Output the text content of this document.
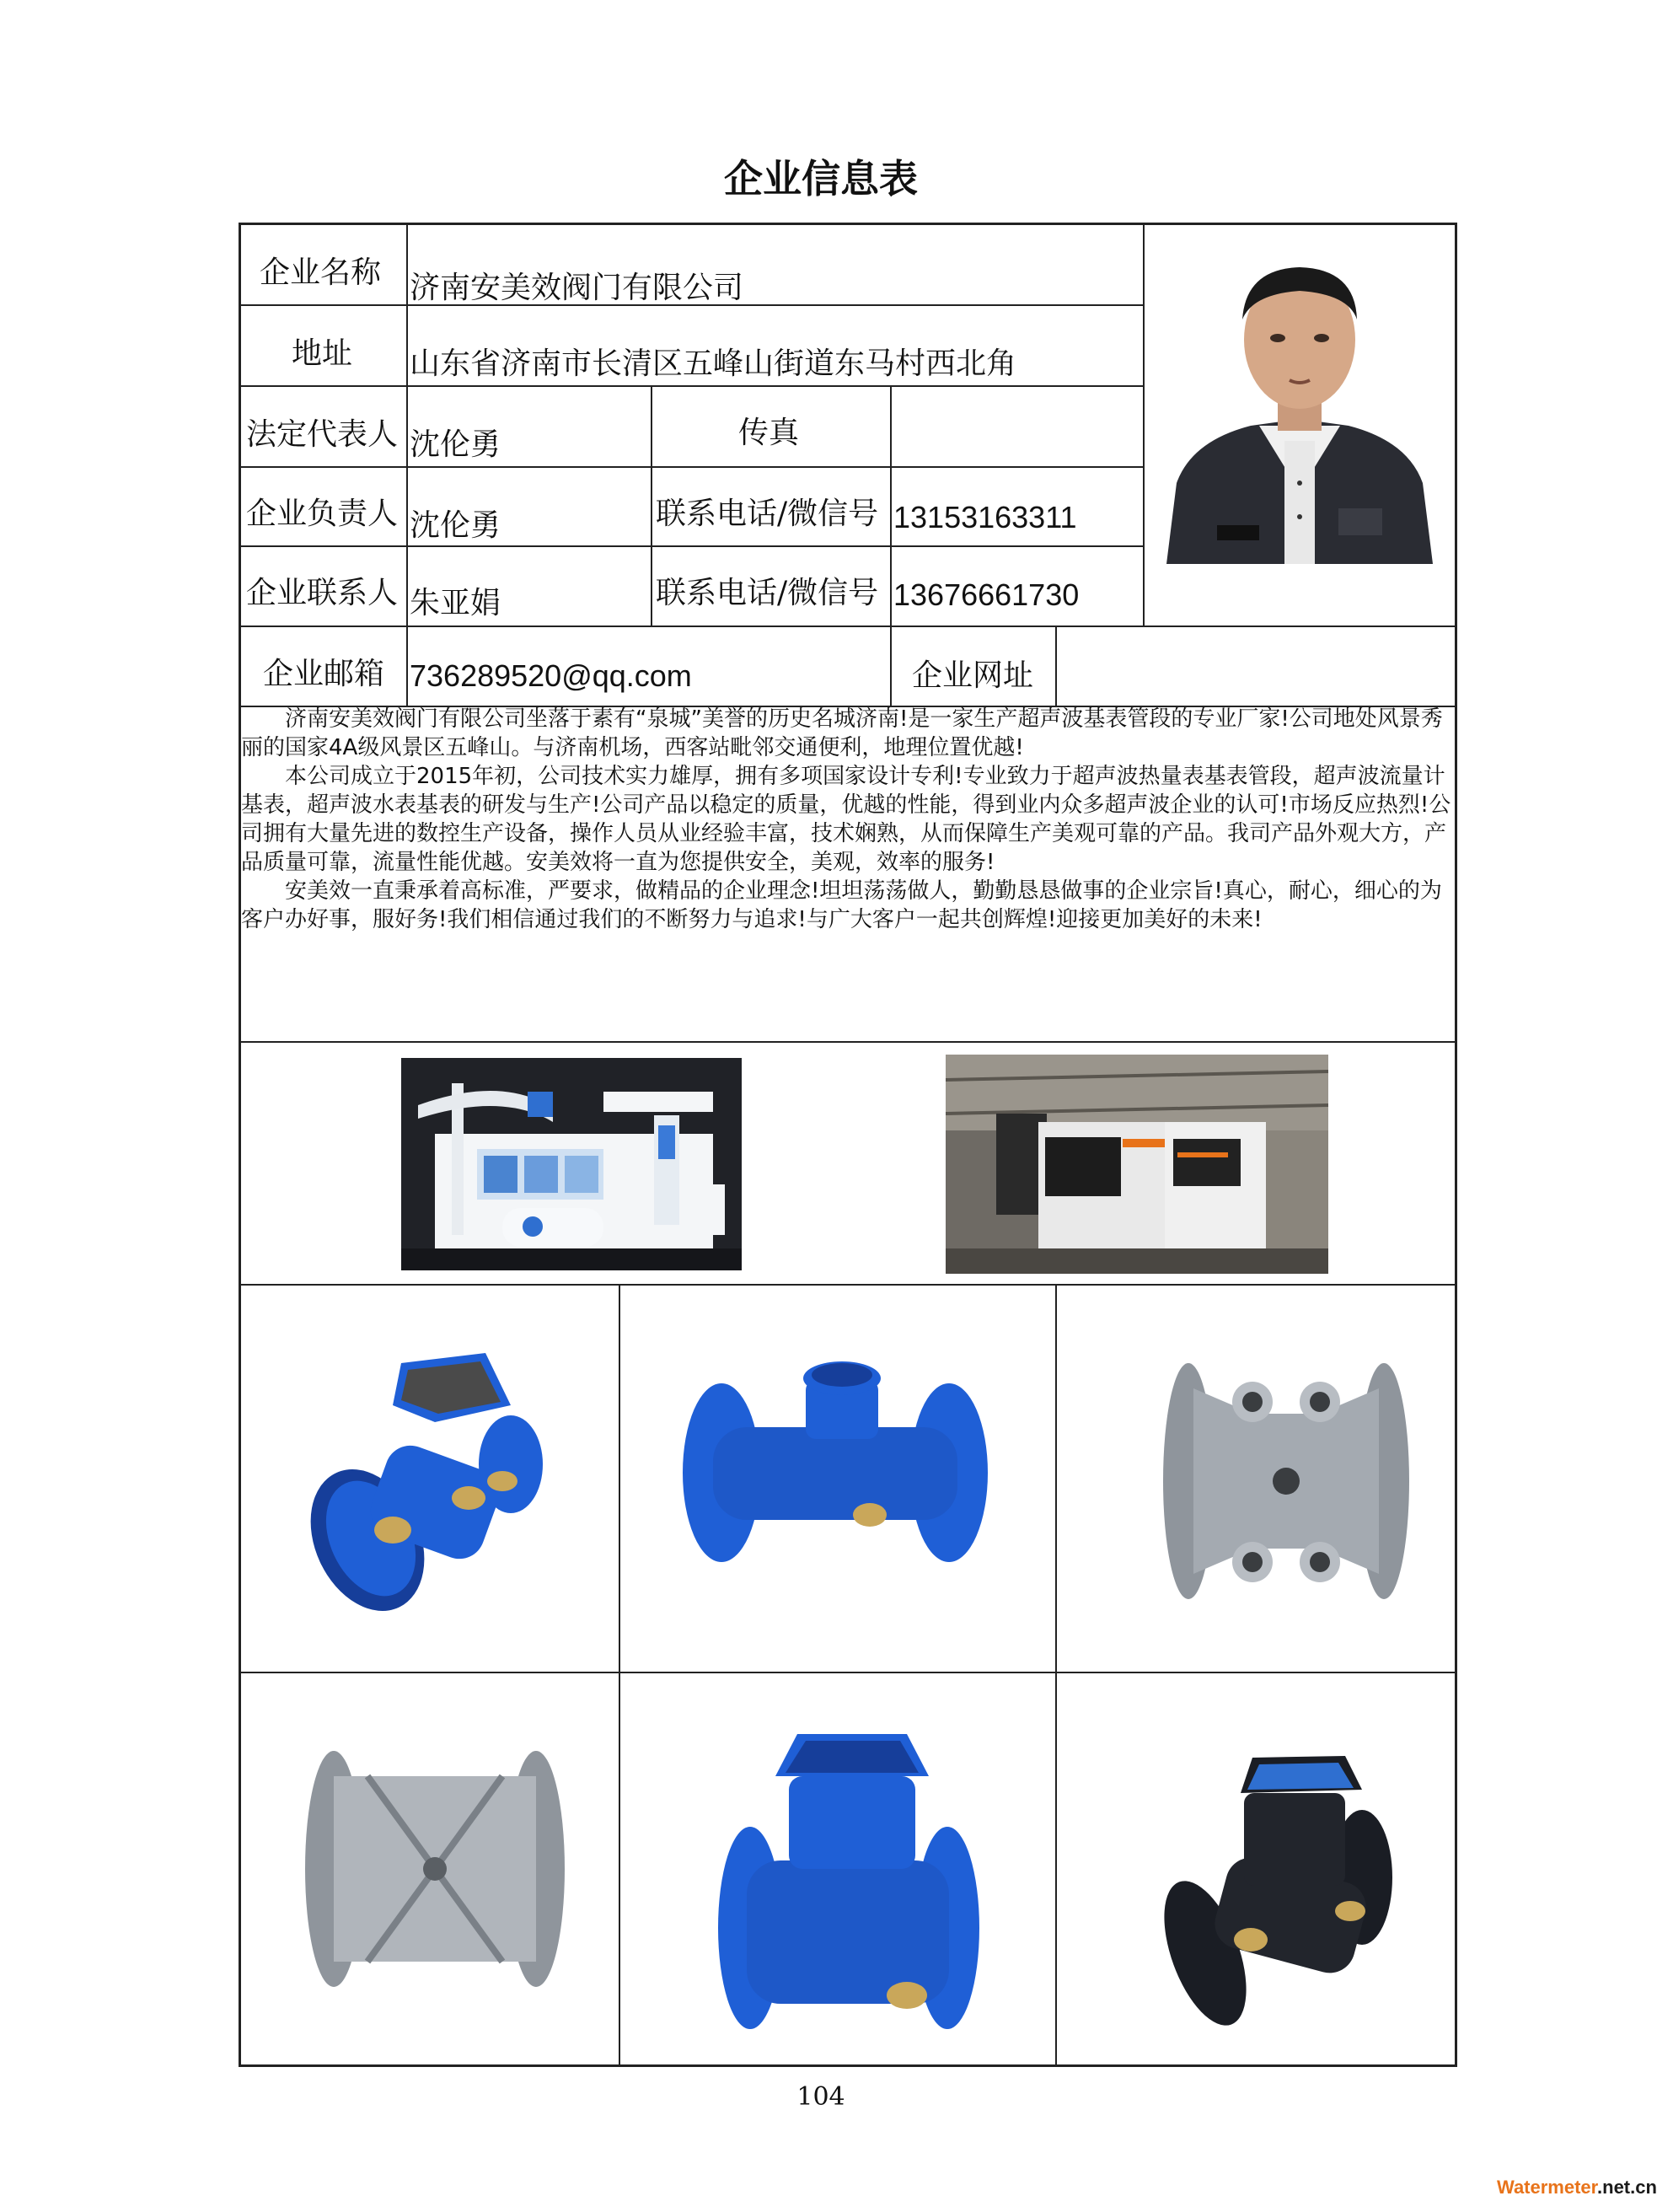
企业信息表
企业名称 济南安美效阀门有限公司
地址 山东省济南市长清区五峰山街道东马村西北角
法定代表人 沈伦勇	传真
企业负责人 沈伦勇	联系电话/微信号 13153163311
企业联系人 朱亚娟	联系电话/微信号 13676661730
企业邮箱 736289520@qq.com	企业网址

济南安美效阀门有限公司坐落于素有“泉城”美誉的历史名城济南!是一家生产超声波基表管段的专业厂家!公司地处风景秀丽的国家4A级风景区五峰山。与济南机场，西客站毗邻交通便利，地理位置优越!

本公司成立于2015年初，公司技术实力雄厚，拥有多项国家设计专利!专业致力于超声波热量表基表管段，超声波流量计基表，超声波水表基表的研发与生产!公司产品以稳定的质量，优越的性能，得到业内众多超声波企业的认可!市场反应热烈!公司拥有大量先进的数控生产设备，操作人员从业经验丰富，技术娴熟，从而保障生产美观可靠的产品。我司产品外观大方，产品质量可靠，流量性能优越。安美效将一直为您提供安全，美观，效率的服务!

安美效一直秉承着高标准，严要求，做精品的企业理念!坦坦荡荡做人，勤勤恳恳做事的企业宗旨!真心，耐心，细心的为客户办好事，服好务!我们相信通过我们的不断努力与追求!与广大客户一起共创辉煌!迎接更加美好的未来!

104
Watermeter.net.cn
